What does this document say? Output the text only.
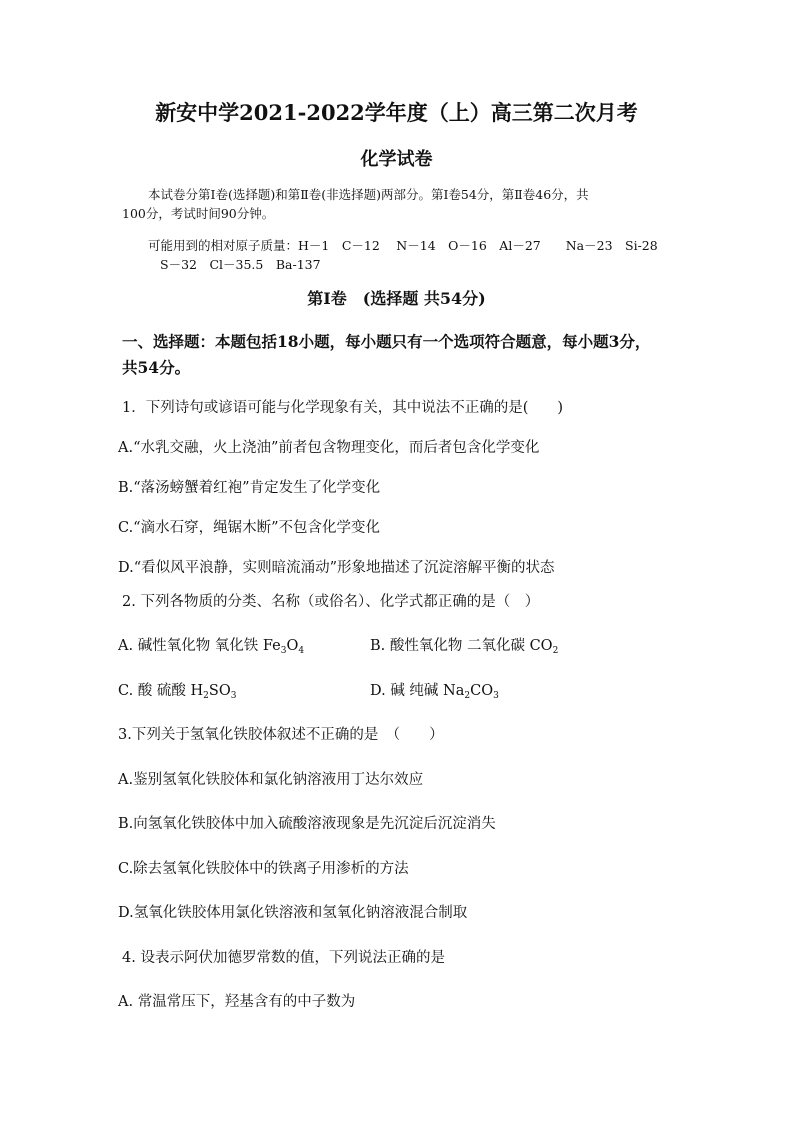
新安中学2021-2022学年度（上）高三第二次月考
化学试卷

本试卷分第Ⅰ卷(选择题)和第Ⅱ卷(非选择题)两部分。第Ⅰ卷54分，第Ⅱ卷46分，共

100分，考试时间90分钟。

可能用到的相对原子质量：H－1　C－12　 N－14　O－16　Al－27　　Na－23　Si-28

S－32　Cl－35.5　Ba-137

第Ⅰ卷　(选择题 共54分)

一、选择题：本题包括18小题，每小题只有一个选项符合题意，每小题3分，

共54分。

1．下列诗句或谚语可能与化学现象有关，其中说法不正确的是(　　)

A.“水乳交融，火上浇油”前者包含物理变化，而后者包含化学变化

B.“落汤螃蟹着红袍”肯定发生了化学变化

C.“滴水石穿，绳锯木断”不包含化学变化

D.“看似风平浪静，实则暗流涌动”形象地描述了沉淀溶解平衡的状态

2. 下列各物质的分类、名称（或俗名）、化学式都正确的是（　）

A. 碱性氧化物 氧化铁 $Fe_3O_4$	B. 酸性氧化物 二氧化碳 $CO_2$

C. 酸 硫酸 $H_2SO_3$	D. 碱 纯碱 $Na_2CO_3$

3.下列关于氢氧化铁胶体叙述不正确的是　（　　）

A.鉴别氢氧化铁胶体和氯化钠溶液用丁达尔效应

B.向氢氧化铁胶体中加入硫酸溶液现象是先沉淀后沉淀消失

C.除去氢氧化铁胶体中的铁离子用渗析的方法

D.氢氧化铁胶体用氯化铁溶液和氢氧化钠溶液混合制取

4. 设表示阿伏加德罗常数的值，下列说法正确的是

A. 常温常压下，羟基含有的中子数为
